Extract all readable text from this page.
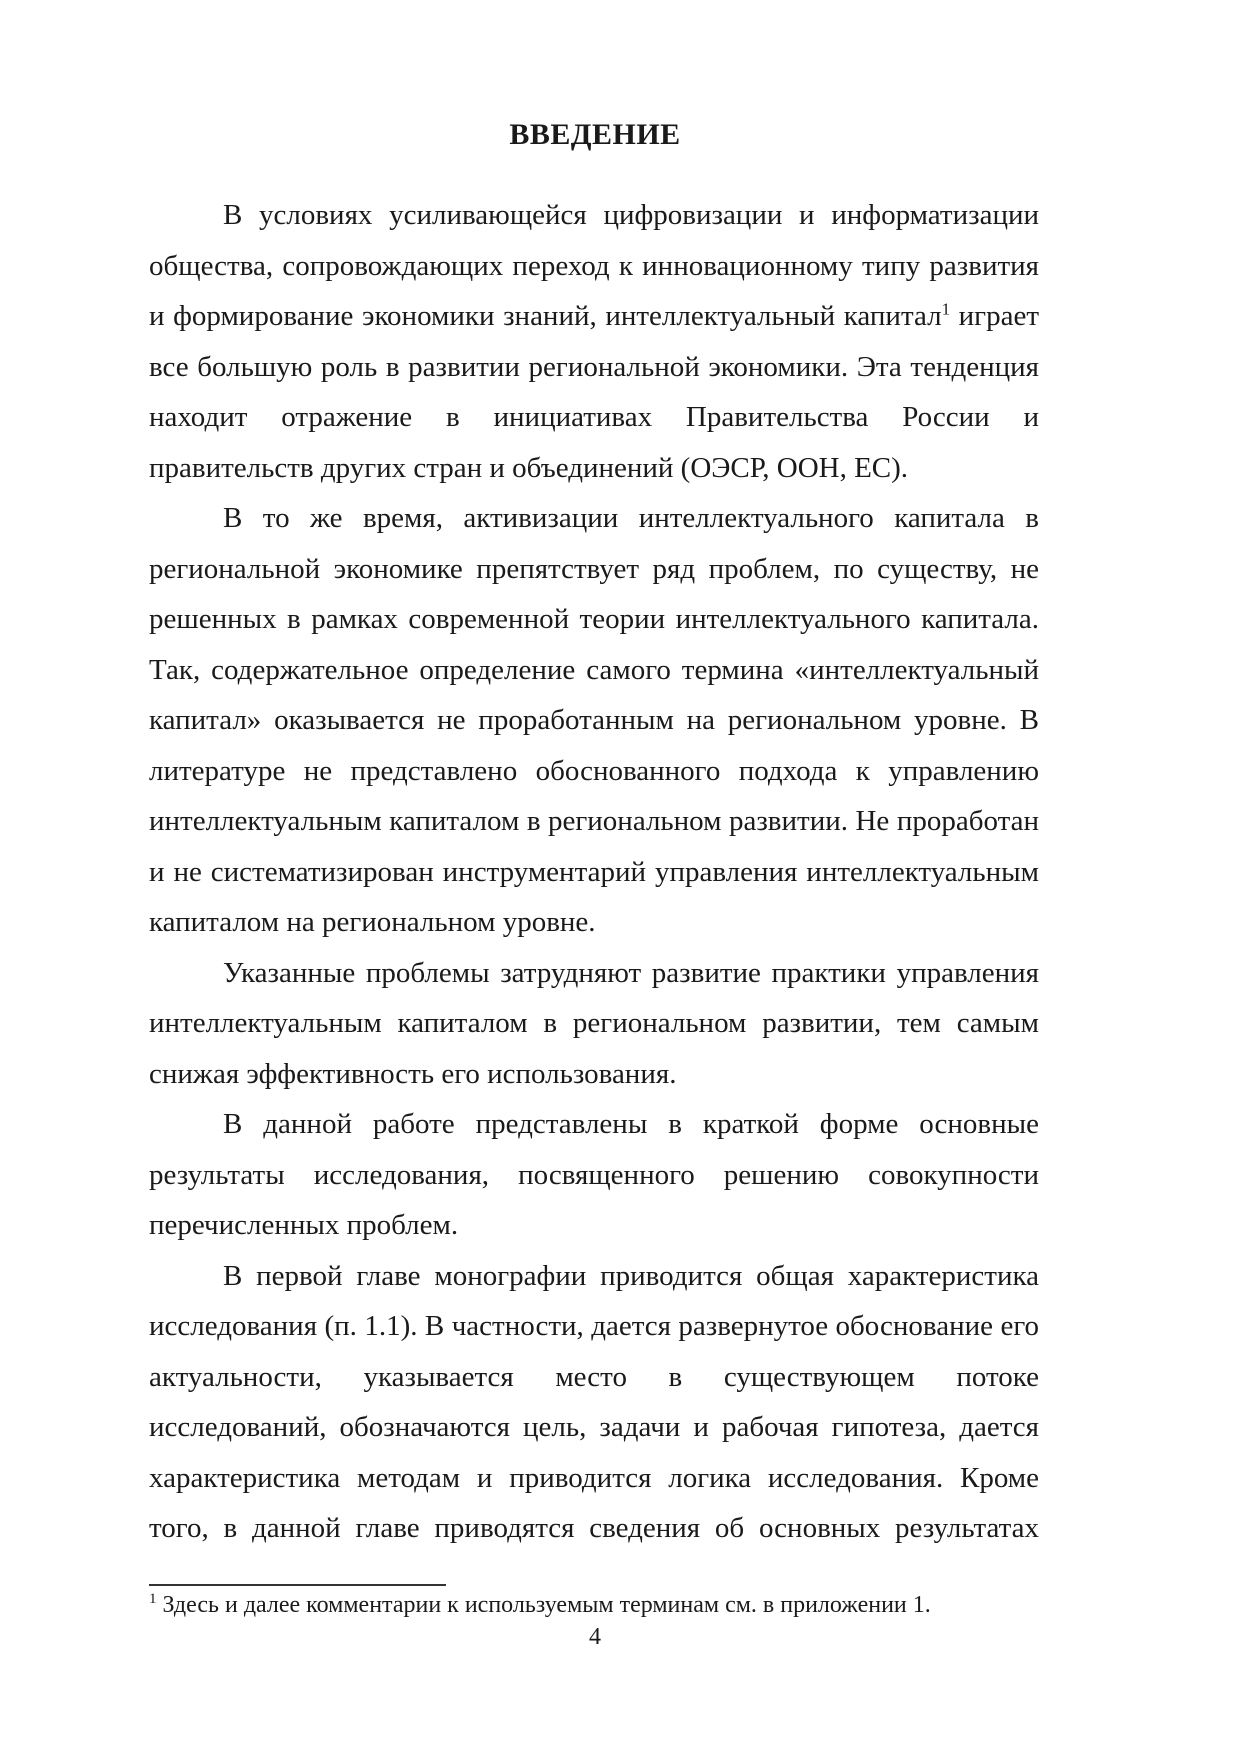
ВВЕДЕНИЕ
В условиях усиливающейся цифровизации и информатизации
общества, сопровождающих переход к инновационному типу развития
и формирование экономики знаний, интеллектуальный капитал$^1$ играет
все большую роль в развитии региональной экономики. Эта тенденция
находит отражение в инициативах Правительства России и
правительств других стран и объединений (ОЭСР, ООН, ЕС).
В то же время, активизации интеллектуального капитала в
региональной экономике препятствует ряд проблем, по существу, не
решенных в рамках современной теории интеллектуального капитала.
Так, содержательное определение самого термина «интеллектуальный
капитал» оказывается не проработанным на региональном уровне. В
литературе не представлено обоснованного подхода к управлению
интеллектуальным капиталом в региональном развитии. Не проработан
и не систематизирован инструментарий управления интеллектуальным
капиталом на региональном уровне.
Указанные проблемы затрудняют развитие практики управления
интеллектуальным капиталом в региональном развитии, тем самым
снижая эффективность его использования.
В данной работе представлены в краткой форме основные
результаты исследования, посвященного решению совокупности
перечисленных проблем.
В первой главе монографии приводится общая характеристика
исследования (п. 1.1). В частности, дается развернутое обоснование его
актуальности, указывается место в существующем потоке
исследований, обозначаются цель, задачи и рабочая гипотеза, дается
характеристика методам и приводится логика исследования. Кроме
того, в данной главе приводятся сведения об основных результатах
$^1$ Здесь и далее комментарии к используемым терминам см. в приложении 1.
4
